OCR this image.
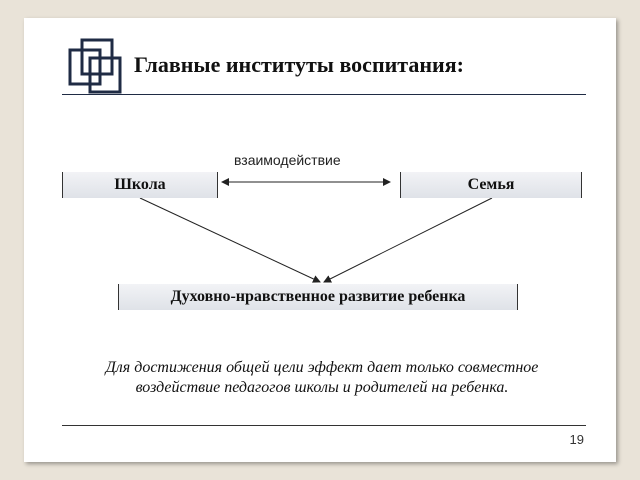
Главные институты воспитания:
взаимодействие
Школа	Семья
Духовно-нравственное развитие ребенка
Для достижения общей цели эффект дает только совместное воздействие педагогов школы и родителей на ребенка.
19
